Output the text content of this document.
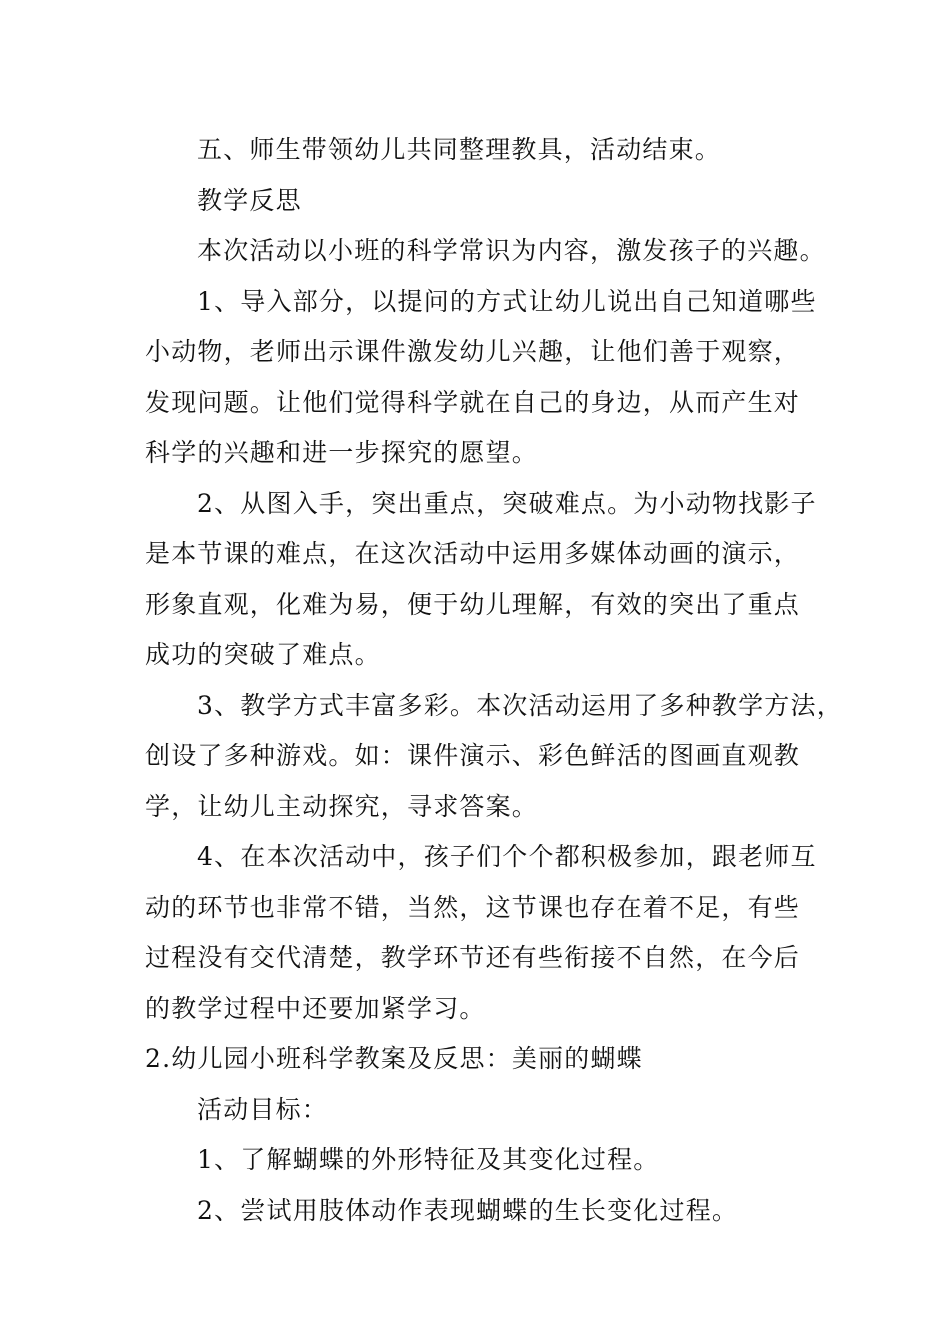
五、师生带领幼儿共同整理教具，活动结束。

教学反思

本次活动以小班的科学常识为内容，激发孩子的兴趣。

1、导入部分，以提问的方式让幼儿说出自己知道哪些

小动物，老师出示课件激发幼儿兴趣，让他们善于观察，

发现问题。让他们觉得科学就在自己的身边，从而产生对

科学的兴趣和进一步探究的愿望。

2、从图入手，突出重点，突破难点。为小动物找影子

是本节课的难点，在这次活动中运用多媒体动画的演示，

形象直观，化难为易，便于幼儿理解，有效的突出了重点

成功的突破了难点。

3、教学方式丰富多彩。本次活动运用了多种教学方法，

创设了多种游戏。如：课件演示、彩色鲜活的图画直观教

学，让幼儿主动探究，寻求答案。

4、在本次活动中，孩子们个个都积极参加，跟老师互

动的环节也非常不错，当然，这节课也存在着不足，有些

过程没有交代清楚，教学环节还有些衔接不自然，在今后

的教学过程中还要加紧学习。

2.幼儿园小班科学教案及反思：美丽的蝴蝶

活动目标：

1、了解蝴蝶的外形特征及其变化过程。

2、尝试用肢体动作表现蝴蝶的生长变化过程。
